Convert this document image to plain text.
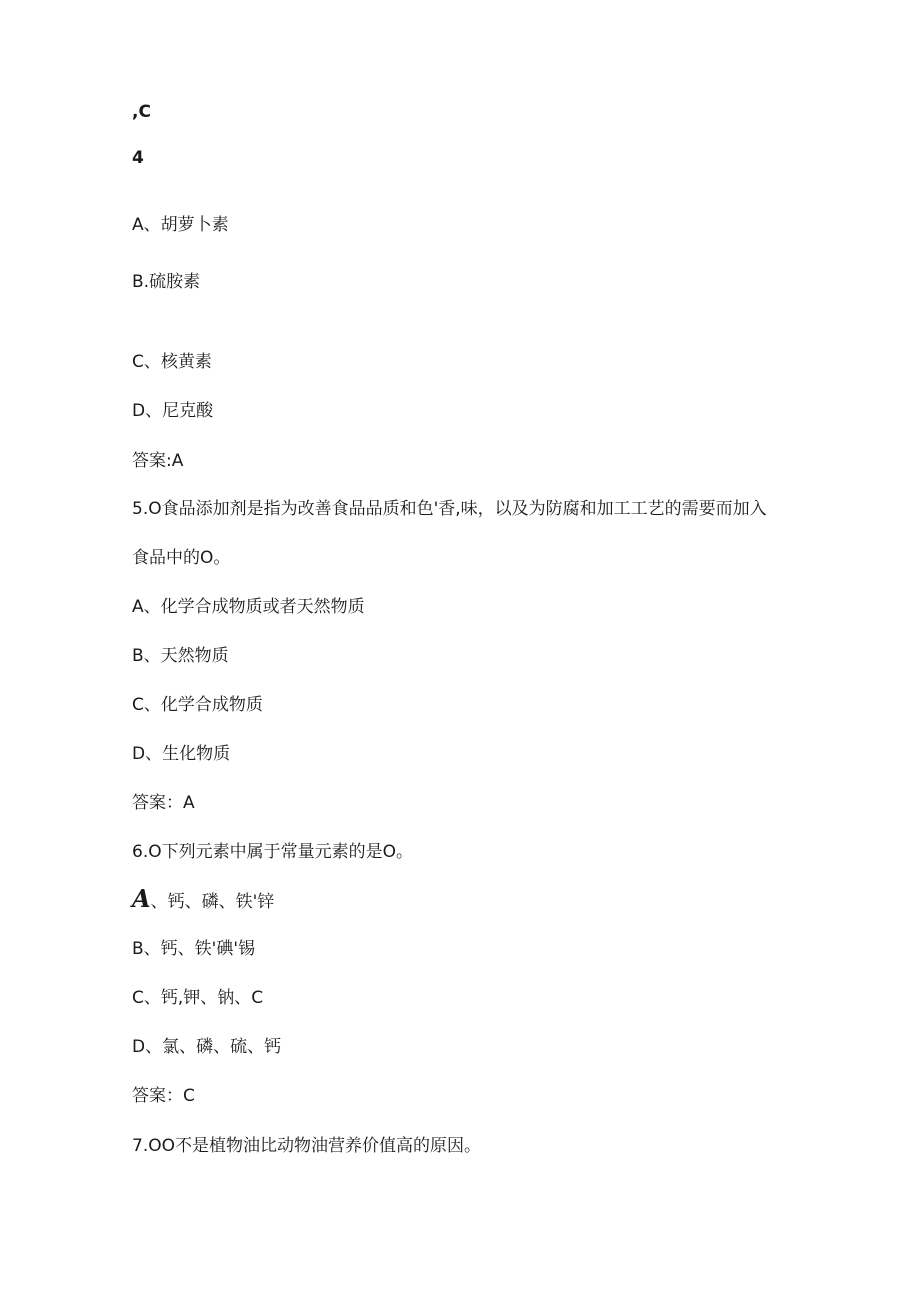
,C
4
A、胡萝卜素
B.硫胺素
C、核黄素
D、尼克酸
答案:A
5.O食品添加剂是指为改善食品品质和色'香,味，以及为防腐和加工工艺的需要而加入
食品中的O。
A、化学合成物质或者天然物质
B、天然物质
C、化学合成物质
D、生化物质
答案：A
6.O下列元素中属于常量元素的是O。
A、钙、磷、铁'锌
B、钙、铁'碘'锡
C、钙,钾、钠、C
D、氯、磷、硫、钙
答案：C
7.OO不是植物油比动物油营养价值高的原因。
